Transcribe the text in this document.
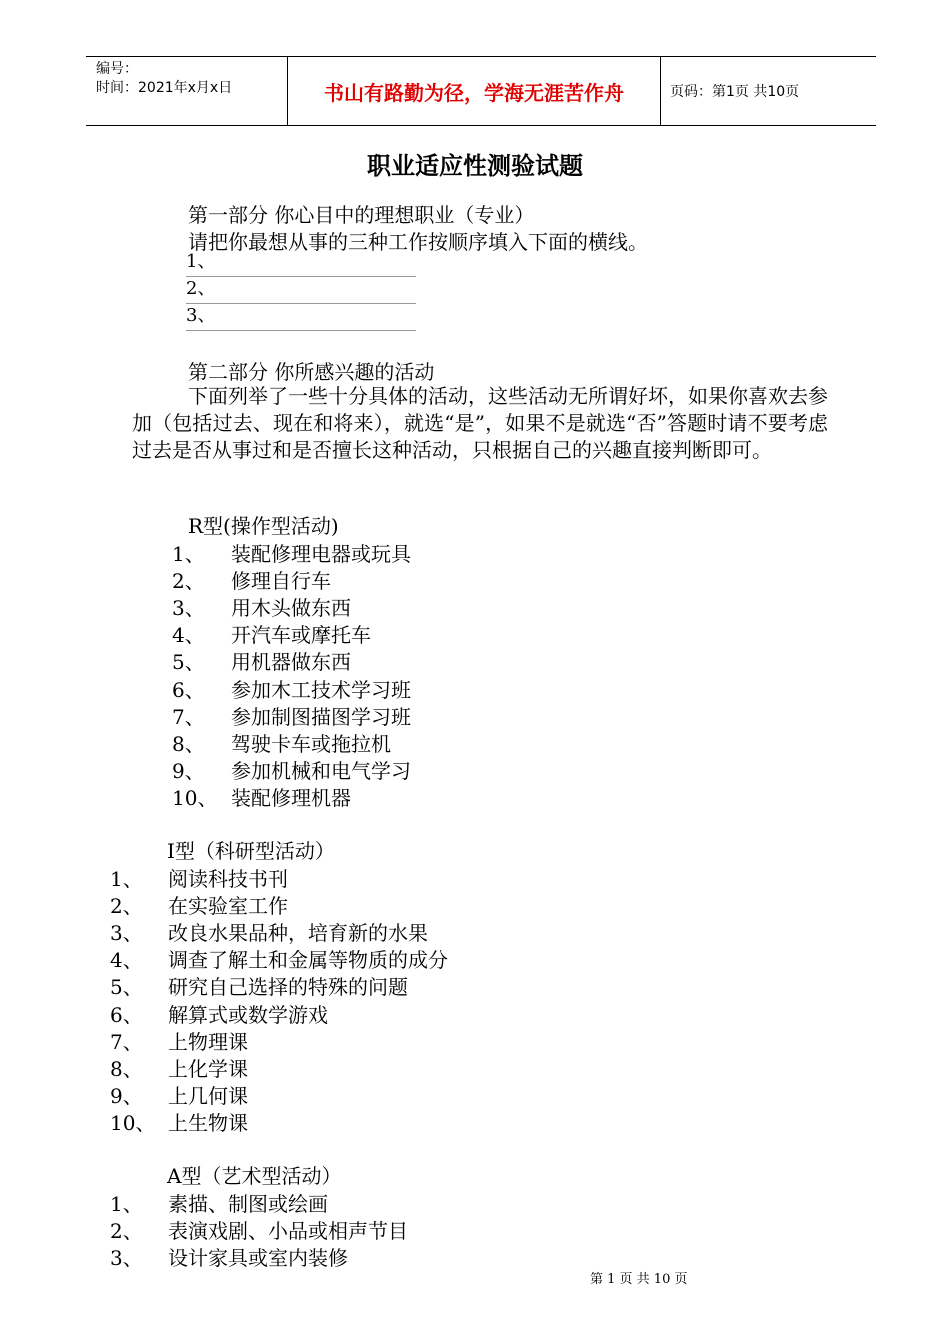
编号：
时间：2021年x月x日	书山有路勤为径，学海无涯苦作舟	页码：第1页 共10页
职业适应性测验试题
第一部分 你心目中的理想职业（专业）
请把你最想从事的三种工作按顺序填入下面的横线。
1、
2、
3、
第二部分 你所感兴趣的活动
下面列举了一些十分具体的活动，这些活动无所谓好坏，如果你喜欢去参加（包括过去、现在和将来），就选“是”，如果不是就选“否”答题时请不要考虑过去是否从事过和是否擅长这种活动，只根据自己的兴趣直接判断即可。
R型(操作型活动)
I型（科研型活动）
A型（艺术型活动）
1、 装配修理电器或玩具
2、 修理自行车
3、 用木头做东西
4、 开汽车或摩托车
5、 用机器做东西
6、 参加木工技术学习班
7、 参加制图描图学习班
8、 驾驶卡车或拖拉机
9、 参加机械和电气学习
10、 装配修理机器
1、 阅读科技书刊
2、 在实验室工作
3、 改良水果品种，培育新的水果
4、 调查了解土和金属等物质的成分
5、 研究自己选择的特殊的问题
6、 解算式或数学游戏
7、 上物理课
8、 上化学课
9、 上几何课
10、 上生物课
1、 素描、制图或绘画
2、 表演戏剧、小品或相声节目
3、 设计家具或室内装修
第 1 页 共 10 页
